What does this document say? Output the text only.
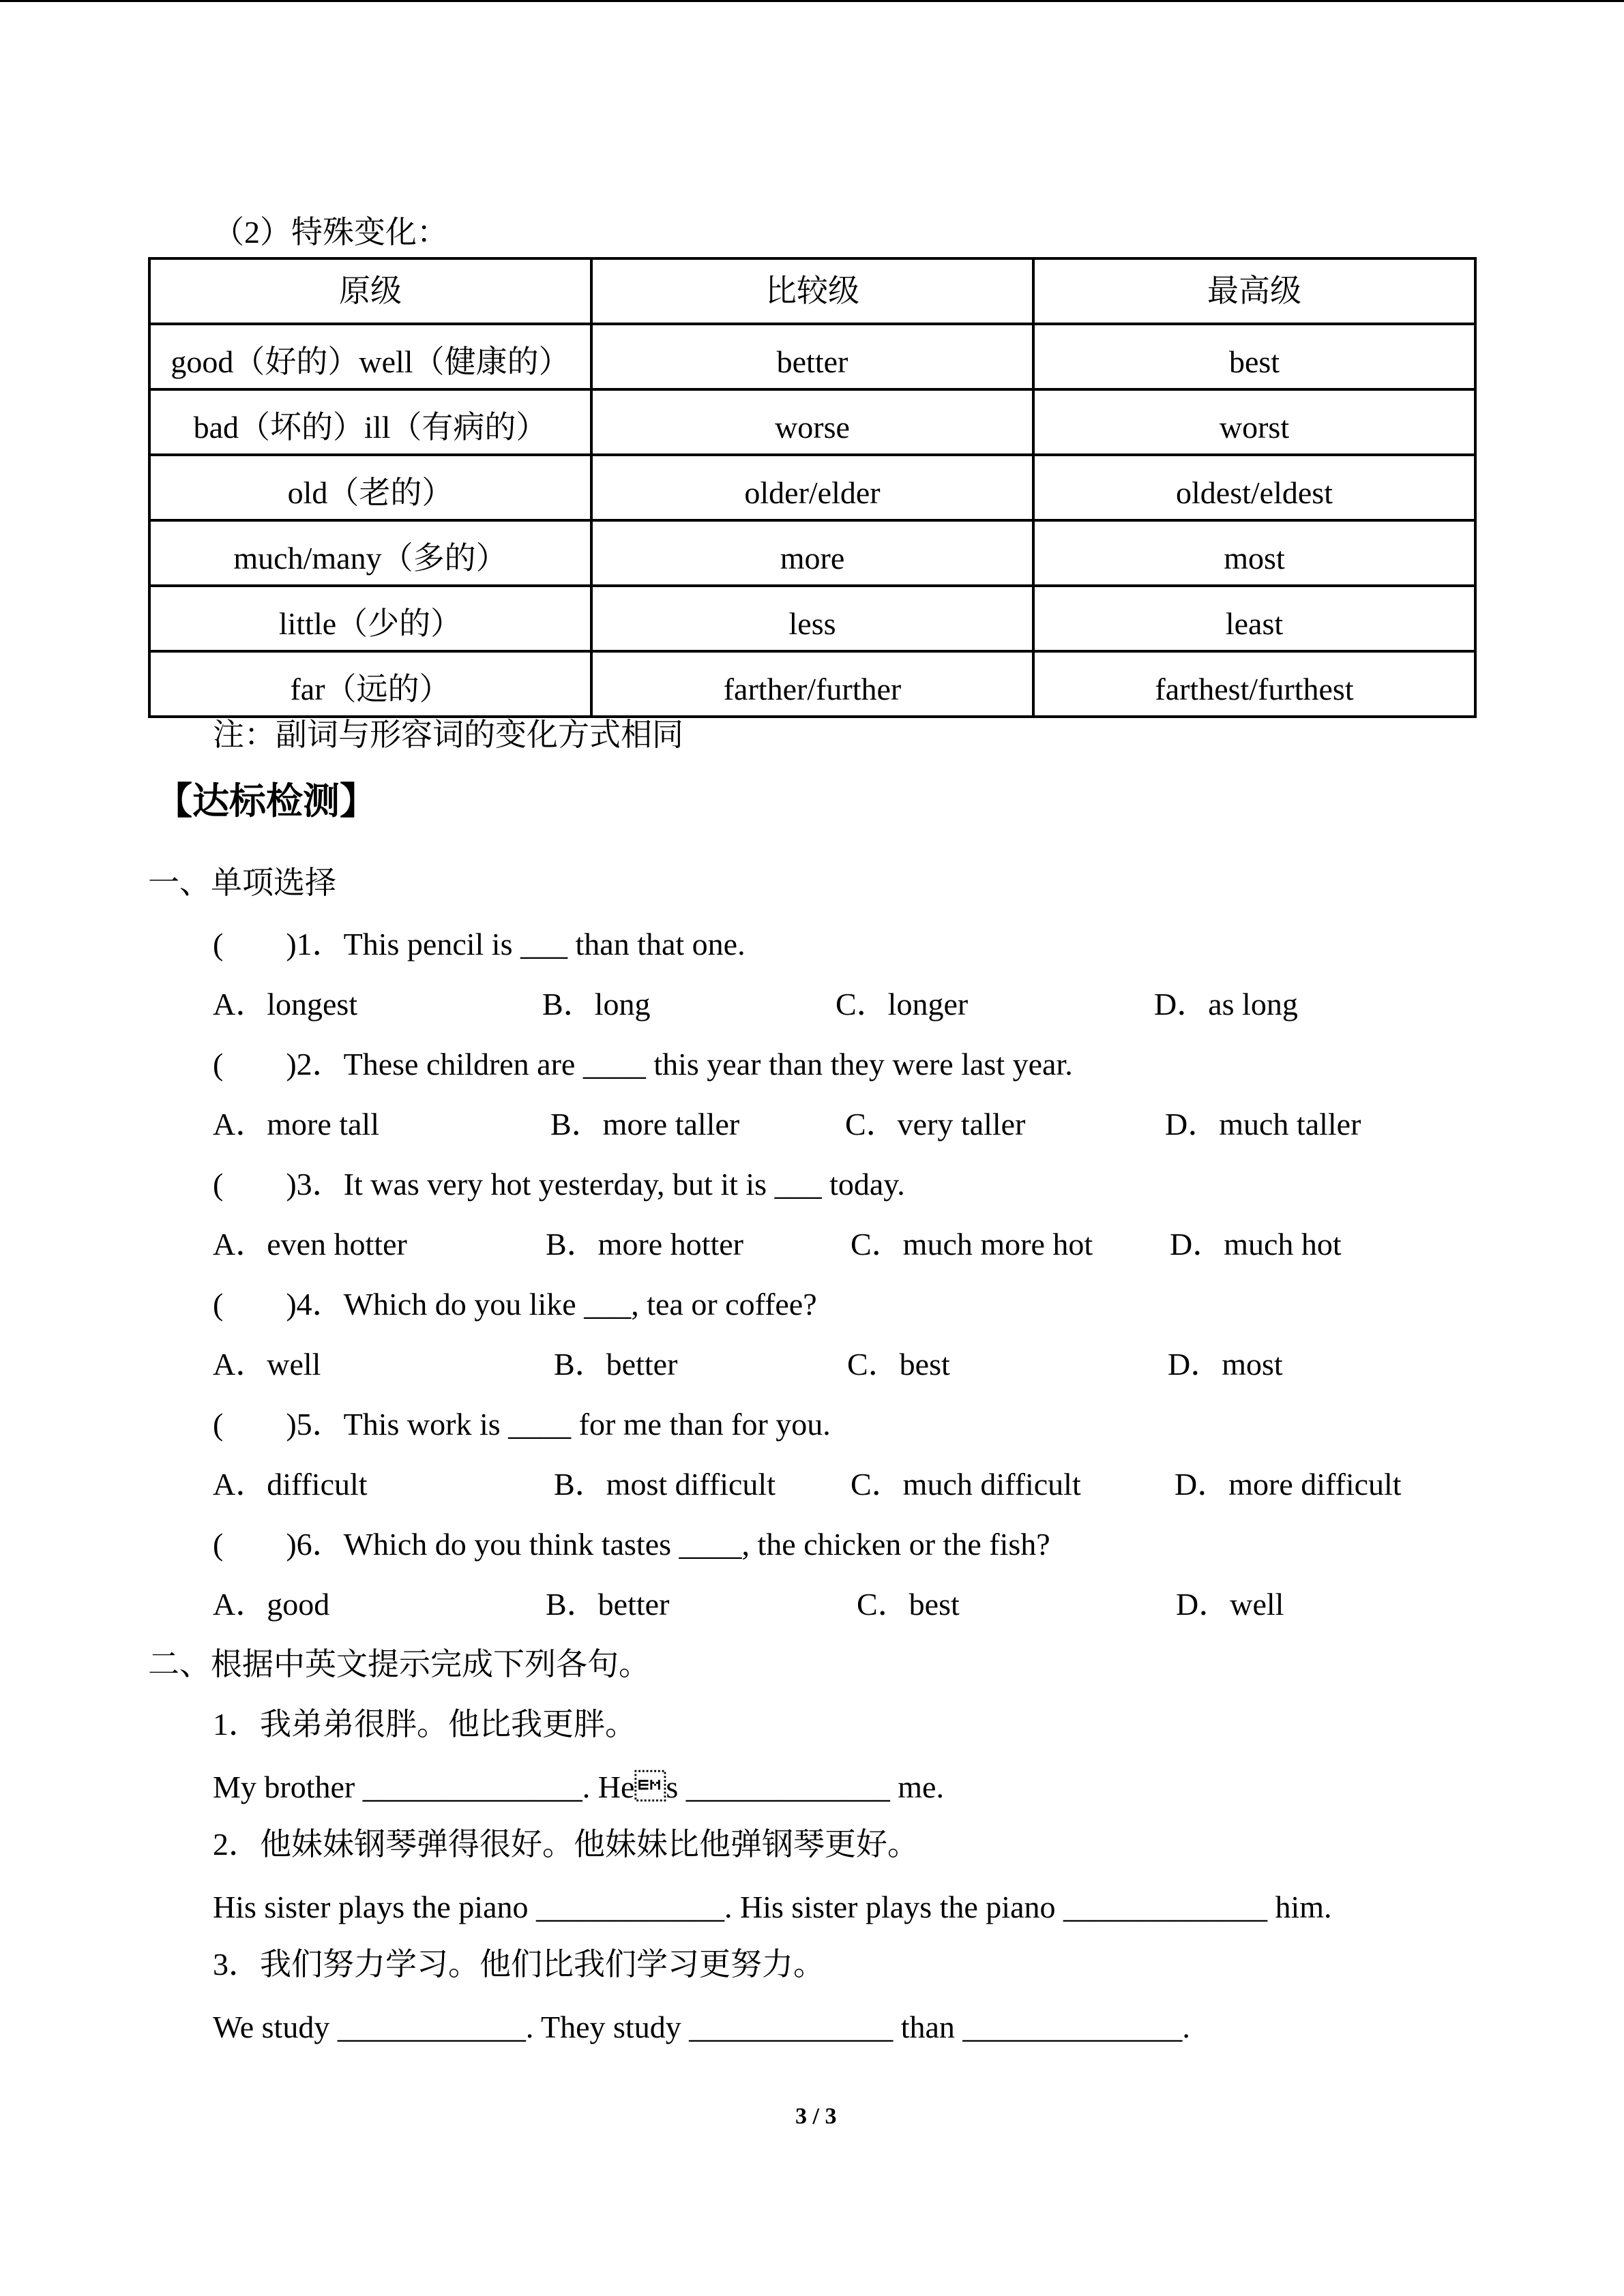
（2）特殊变化：
原级	比较级	最高级
good（好的）well（健康的）	better	best
bad（坏的）ill（有病的）	worse	worst
old（老的）	older/elder	oldest/eldest
much/many（多的）	more	most
little（少的）	less	least
far（远的）	farther/further	farthest/furthest
注：副词与形容词的变化方式相同
【达标检测】
一、单项选择
(　　)1．This pencil is ___ than that one.
A．longest	B．long	C．longer	D．as long
(　　)2．These children are ____ this year than they were last year.
A．more tall	B．more taller	C．very taller	D．much taller
(　　)3．It was very hot yesterday, but it is ___ today.
A．even hotter	B．more hotter	C．much more hot D．much hot
(　　)4．Which do you like ___, tea or coffee?
A．well	B．better	C．best	D．most
(　　)5．This work is ____ for me than for you.
A．difficult	B．most difficult C．much difficult	D．more difficult
(　　)6．Which do you think tastes ____, the chicken or the fish?
A．good	B．better	C．best	D．well
二、根据中英文提示完成下列各句。
1．我弟弟很胖。他比我更胖。
My brother ______________. Hes _____________ me.
2．他妹妹钢琴弹得很好。他妹妹比他弹钢琴更好。
His sister plays the piano ____________. His sister plays the piano _____________ him.
3．我们努力学习。他们比我们学习更努力。
We study ____________. They study _____________ than ______________.
3 / 3
